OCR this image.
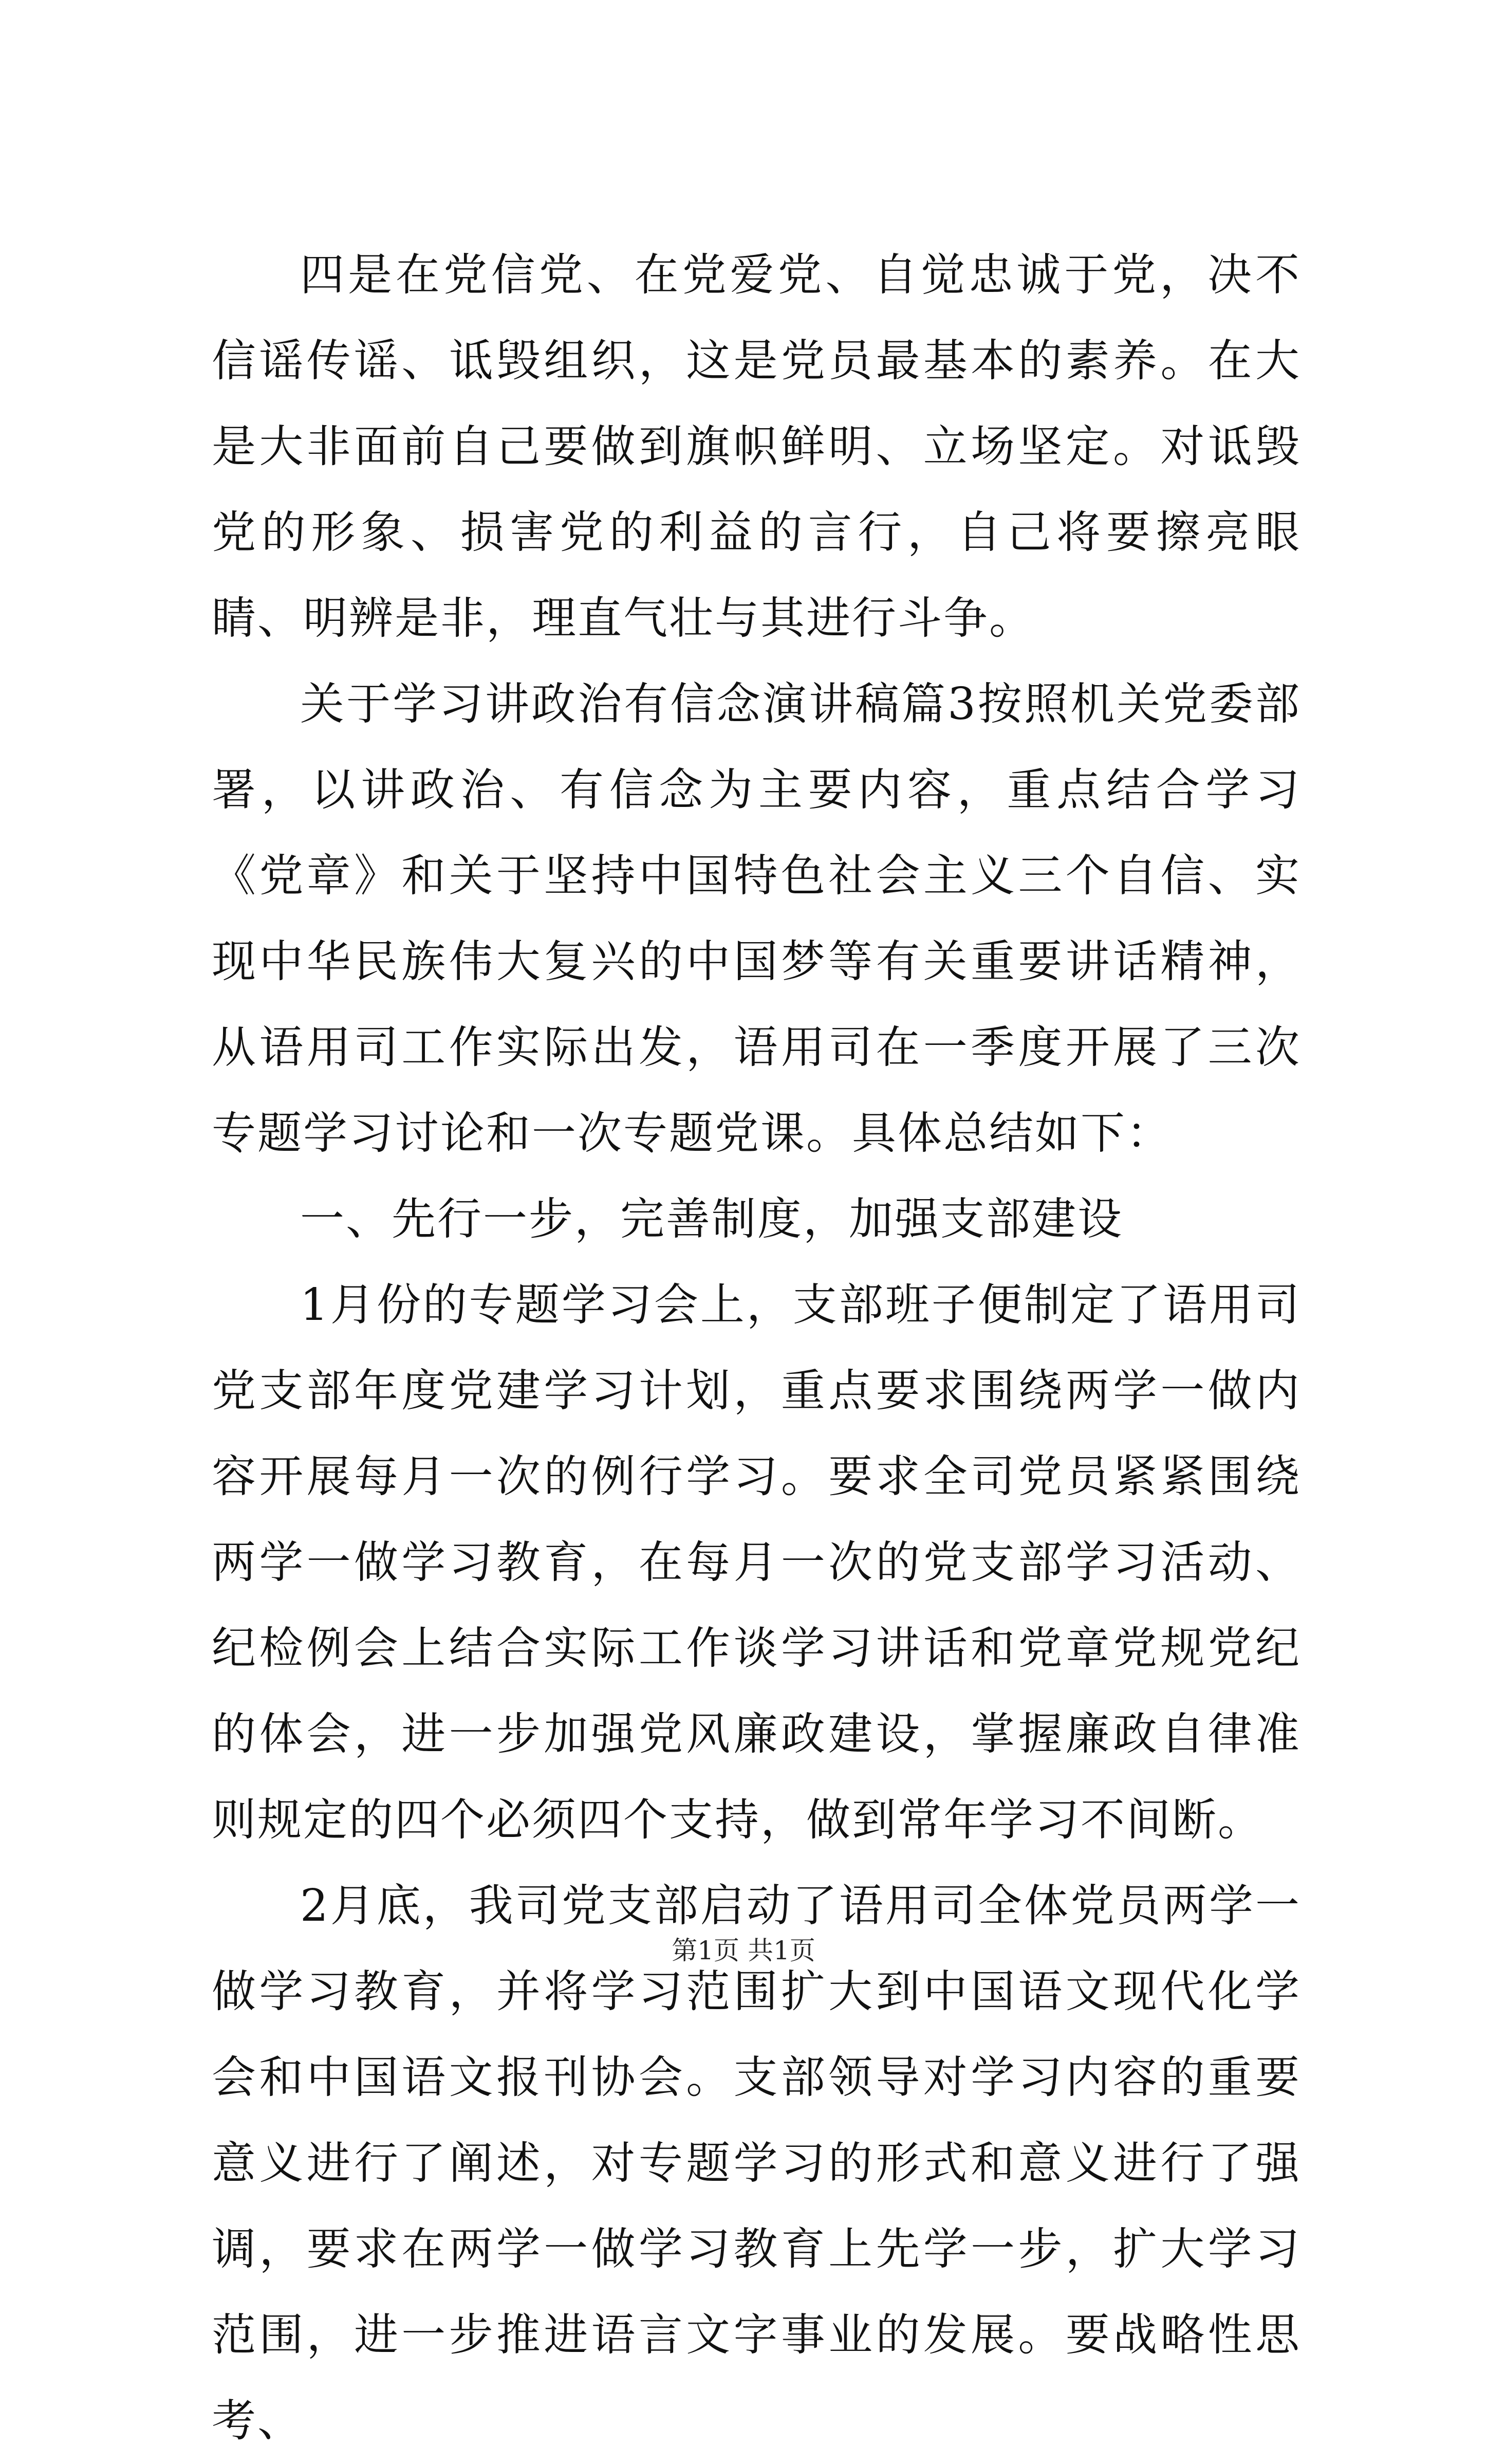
四是在党信党、在党爱党、自觉忠诚于党，决不信谣传谣、诋毁组织，这是党员最基本的素养。在大是大非面前自己要做到旗帜鲜明、立场坚定。对诋毁党的形象、损害党的利益的言行，自己将要擦亮眼睛、明辨是非，理直气壮与其进行斗争。

关于学习讲政治有信念演讲稿篇3按照机关党委部署，以讲政治、有信念为主要内容，重点结合学习《党章》和关于坚持中国特色社会主义三个自信、实现中华民族伟大复兴的中国梦等有关重要讲话精神，从语用司工作实际出发，语用司在一季度开展了三次专题学习讨论和一次专题党课。具体总结如下：

一、先行一步，完善制度，加强支部建设

1月份的专题学习会上，支部班子便制定了语用司党支部年度党建学习计划，重点要求围绕两学一做内容开展每月一次的例行学习。要求全司党员紧紧围绕两学一做学习教育，在每月一次的党支部学习活动、纪检例会上结合实际工作谈学习讲话和党章党规党纪的体会，进一步加强党风廉政建设，掌握廉政自律准则规定的四个必须四个支持，做到常年学习不间断。

2月底，我司党支部启动了语用司全体党员两学一做学习教育，并将学习范围扩大到中国语文现代化学会和中国语文报刊协会。支部领导对学习内容的重要意义进行了阐述，对专题学习的形式和意义进行了强调，要求在两学一做学习教育上先学一步，扩大学习范围，进一步推进语言文字事业的发展。要战略性思考、

第1页 共1页
